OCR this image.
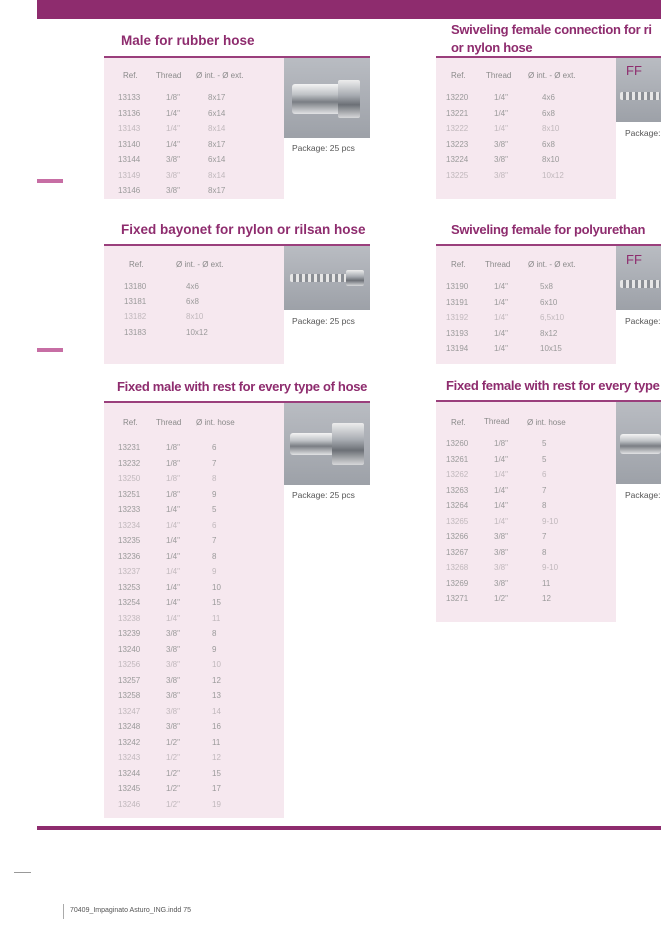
70409_Impaginato Asturo_ING.indd 75
Male for rubber hose
Package: 25 pcs
Ref. Thread Ø int. - Ø ext.
13133	1/8"	8x17
13136	1/4"	6x14
13143	1/4"	8x14
13140	1/4"	8x17
13144	3/8"	6x14
13149	3/8"	8x14
13146	3/8"	8x17
Fixed bayonet for nylon or rilsan hose
Package: 25 pcs
Ref.	Ø int. - Ø ext.
13180	4x6
13181	6x8
13182	8x10
13183	10x12
Fixed male with rest for every type of hose
Package: 25 pcs
Ref. Thread Ø int. hose
13231	1/8"	6
13232	1/8"	7
13250	1/8"	8
13251	1/8"	9
13233	1/4"	5
13234	1/4"	6
13235	1/4"	7
13236	1/4"	8
13237	1/4"	9
13253	1/4"	10
13254	1/4"	15
13238	1/4"	11
13239	3/8"	8
13240	3/8"	9
13256	3/8"	10
13257	3/8"	12
13258	3/8"	13
13247	3/8"	14
13248	3/8"	16
13242	1/2"	11
13243	1/2"	12
13244	1/2"	15
13245	1/2"	17
13246	1/2"	19
Swiveling female connection for ri
or nylon hose
FF
Package:
Ref.	Thread Ø int. - Ø ext.
13220	1/4"	4x6
13221	1/4"	6x8
13222	1/4"	8x10
13223	3/8"	6x8
13224	3/8"	8x10
13225	3/8"	10x12
Swiveling female for polyurethan
FF
Package:
Ref. Thread Ø int. - Ø ext.
13190	1/4"	5x8
13191	1/4"	6x10
13192	1/4"	6,5x10
13193	1/4"	8x12
13194	1/4"	10x15
Fixed female with rest for every type
Package:
Ref. Thread Ø int. hose
13260	1/8"	5
13261	1/4"	5
13262	1/4"	6
13263	1/4"	7
13264	1/4"	8
13265	1/4"	9-10
13266	3/8"	7
13267	3/8"	8
13268	3/8"	9-10
13269	3/8"	11
13271	1/2"	12
